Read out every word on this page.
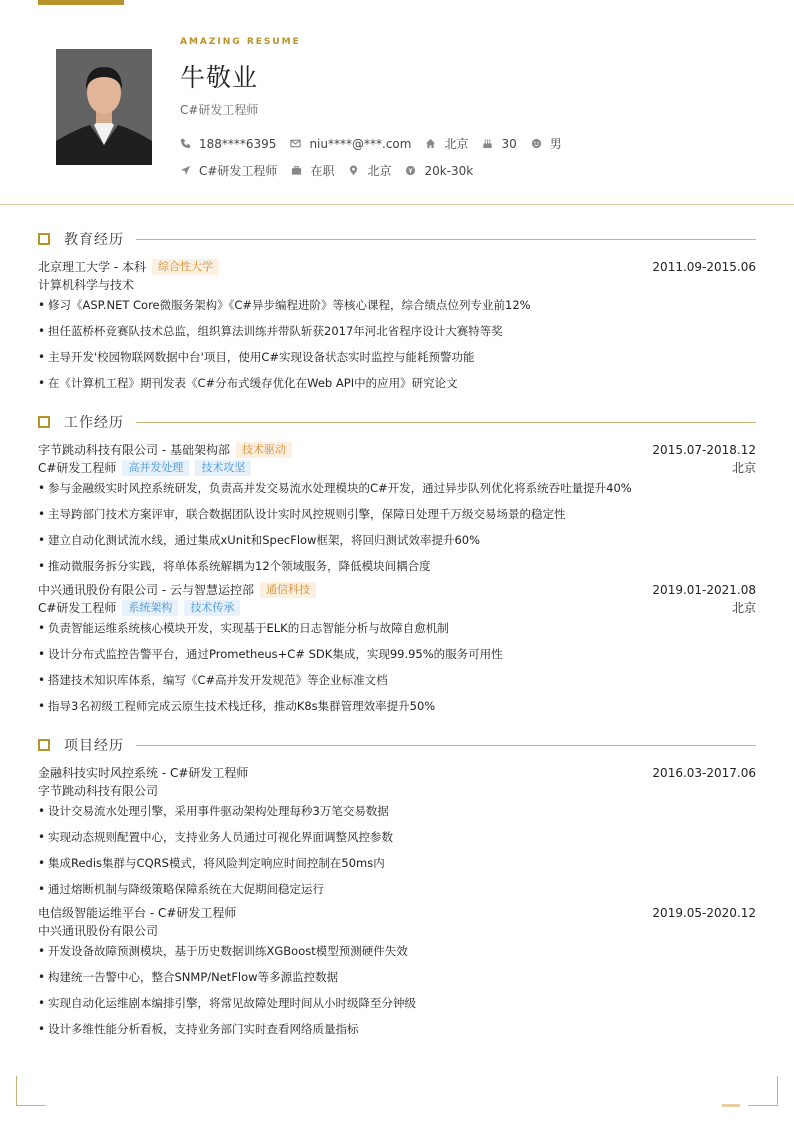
AMAZING RESUME
牛敬业
C#研发工程师
188****6395	niu****@***.com	北京	30	男
C#研发工程师	在职	北京	20k-30k
教育经历
北京理工大学 - 本科	综合性大学	2011.09-2015.06
计算机科学与技术
• 修习《ASP.NET Core微服务架构》《C#异步编程进阶》等核心课程，综合绩点位列专业前12%
• 担任蓝桥杯竞赛队技术总监，组织算法训练并带队斩获2017年河北省程序设计大赛特等奖
• 主导开发'校园物联网数据中台'项目，使用C#实现设备状态实时监控与能耗预警功能
• 在《计算机工程》期刊发表《C#分布式缓存优化在Web API中的应用》研究论文
工作经历
字节跳动科技有限公司 - 基础架构部	技术驱动	2015.07-2018.12
C#研发工程师	高并发处理	技术攻坚	北京
• 参与金融级实时风控系统研发，负责高并发交易流水处理模块的C#开发，通过异步队列优化将系统吞吐量提升40%
• 主导跨部门技术方案评审，联合数据团队设计实时风控规则引擎，保障日处理千万级交易场景的稳定性
• 建立自动化测试流水线，通过集成xUnit和SpecFlow框架，将回归测试效率提升60%
• 推动微服务拆分实践，将单体系统解耦为12个领域服务，降低模块间耦合度
中兴通讯股份有限公司 - 云与智慧运控部	通信科技	2019.01-2021.08
C#研发工程师	系统架构	技术传承	北京
• 负责智能运维系统核心模块开发，实现基于ELK的日志智能分析与故障自愈机制
• 设计分布式监控告警平台，通过Prometheus+C# SDK集成，实现99.95%的服务可用性
• 搭建技术知识库体系，编写《C#高并发开发规范》等企业标准文档
• 指导3名初级工程师完成云原生技术栈迁移，推动K8s集群管理效率提升50%
项目经历
金融科技实时风控系统 - C#研发工程师	2016.03-2017.06
字节跳动科技有限公司
• 设计交易流水处理引擎，采用事件驱动架构处理每秒3万笔交易数据
• 实现动态规则配置中心，支持业务人员通过可视化界面调整风控参数
• 集成Redis集群与CQRS模式，将风险判定响应时间控制在50ms内
• 通过熔断机制与降级策略保障系统在大促期间稳定运行
电信级智能运维平台 - C#研发工程师	2019.05-2020.12
中兴通讯股份有限公司
• 开发设备故障预测模块，基于历史数据训练XGBoost模型预测硬件失效
• 构建统一告警中心，整合SNMP/NetFlow等多源监控数据
• 实现自动化运维剧本编排引擎，将常见故障处理时间从小时级降至分钟级
• 设计多维性能分析看板，支持业务部门实时查看网络质量指标
